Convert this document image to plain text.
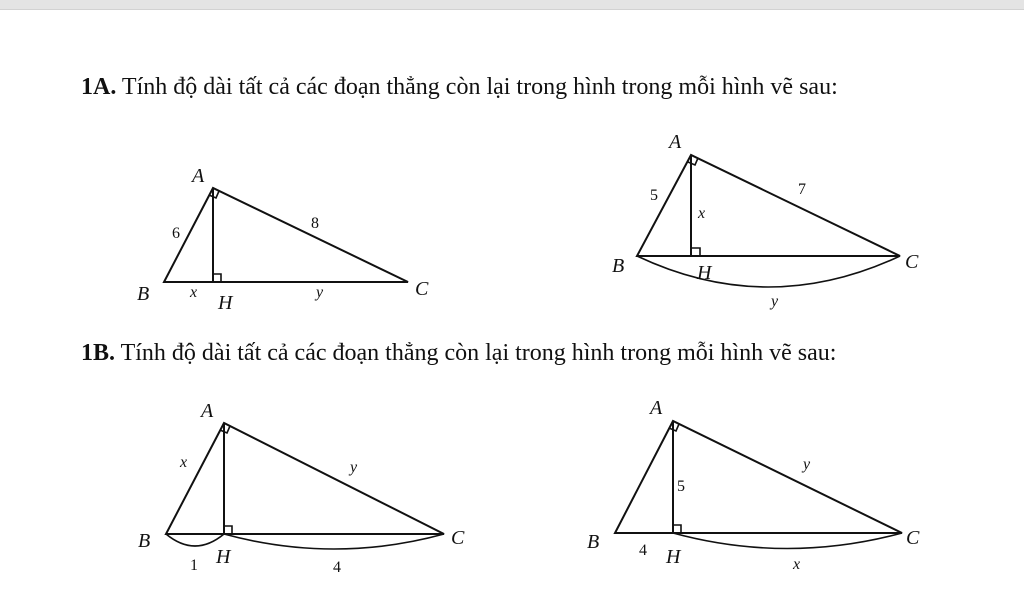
1A. Tính độ dài tất cả các đoạn thẳng còn lại trong hình trong mỗi hình vẽ sau:
1B. Tính độ dài tất cả các đoạn thẳng còn lại trong hình trong mỗi hình vẽ sau:
A
B	C
H
6
8
x	y
A
B	C
H
5	7
x
y
A
B	C
H
x	y
1	4
A
B	C
H
5
y
4
x
